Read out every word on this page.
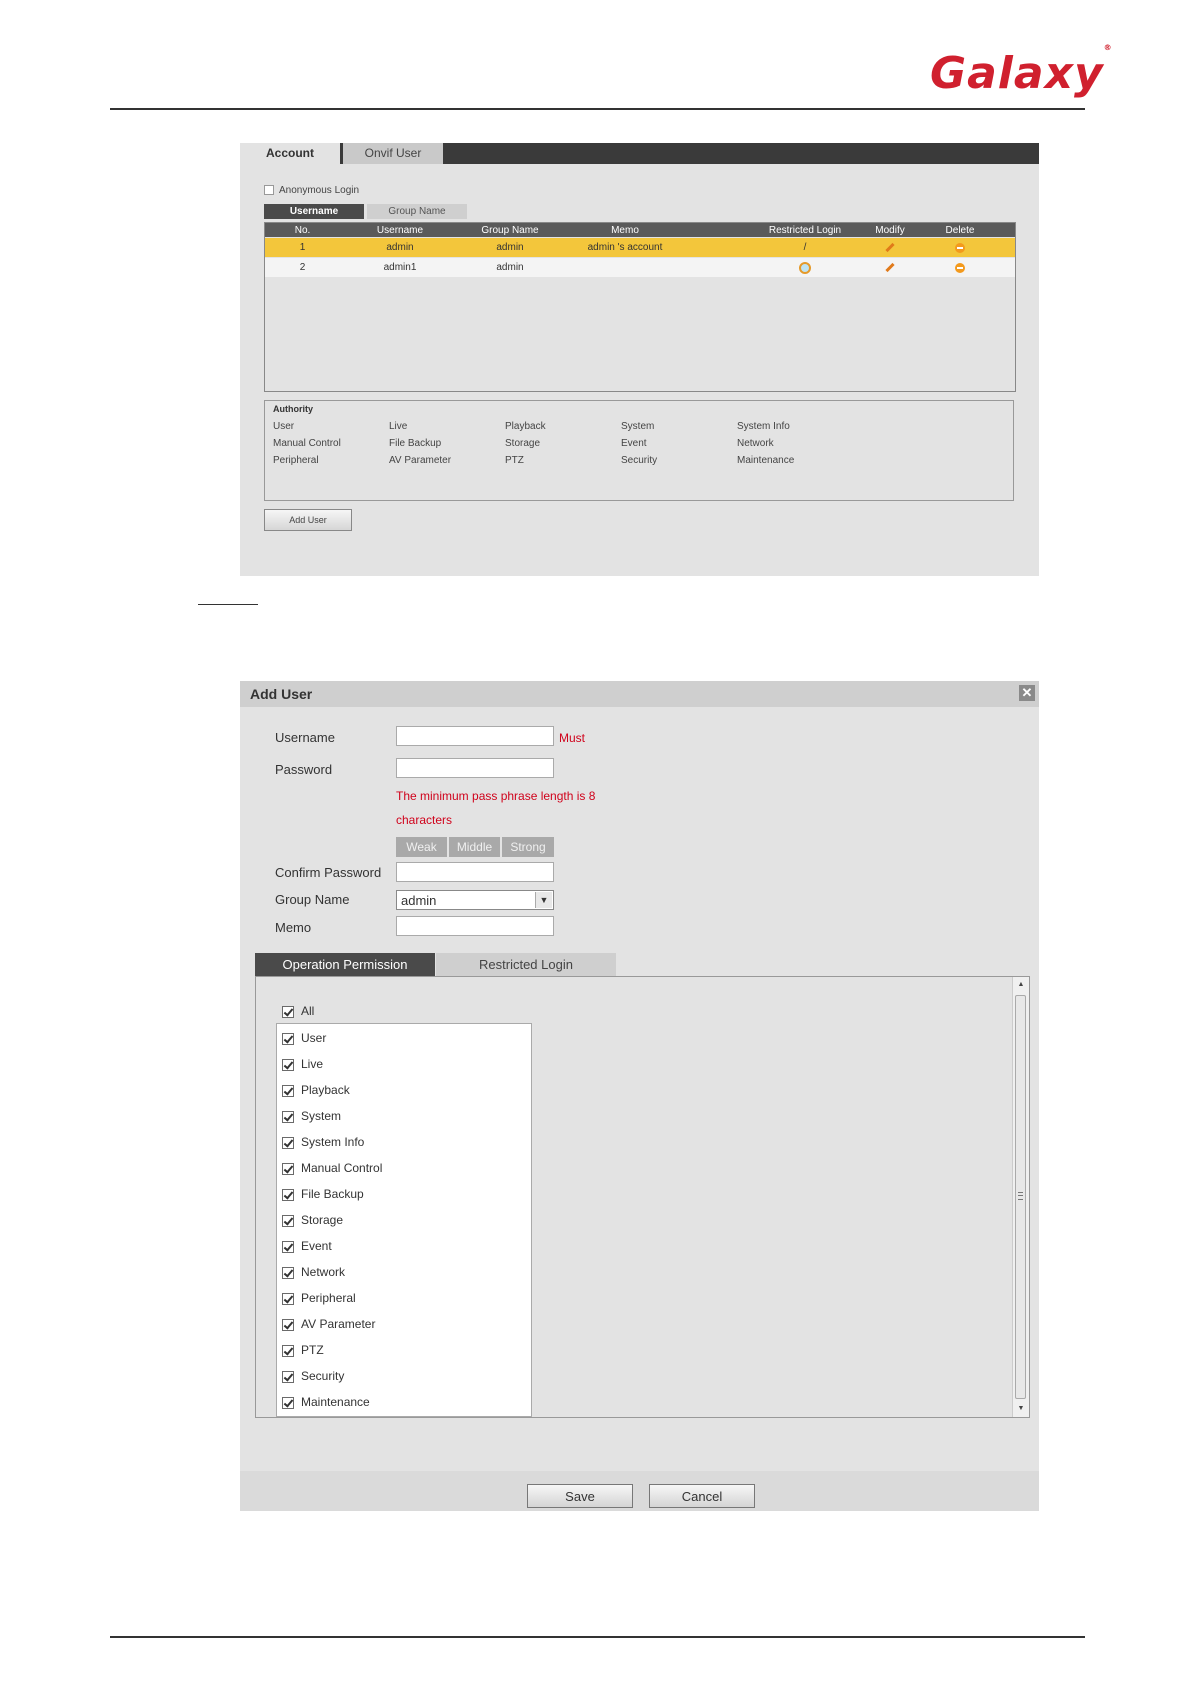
Galaxy®
Account	Onvif User
Anonymous Login
Username	Group Name
No.	Username	Group Name	Memo	Restricted Login	Modify	Delete
1	admin	admin	admin 's account	/
2	admin1	admin
Authority
User	Live	Playback	System	System Info
Manual Control	File Backup	Storage	Event	Network
Peripheral	AV Parameter	PTZ	Security	Maintenance
Add User
Add User	✕
Username	Must
Password
The minimum pass phrase length is 8
characters
Weak	Middle	Strong
Confirm Password
Group Name	admin	▼
Memo
Operation Permission	Restricted Login
All
User
Live
Playback
System
System Info
Manual Control
File Backup
Storage
Event
Network
Peripheral
AV Parameter
PTZ
Security
Maintenance
▲
▼
Save	Cancel
